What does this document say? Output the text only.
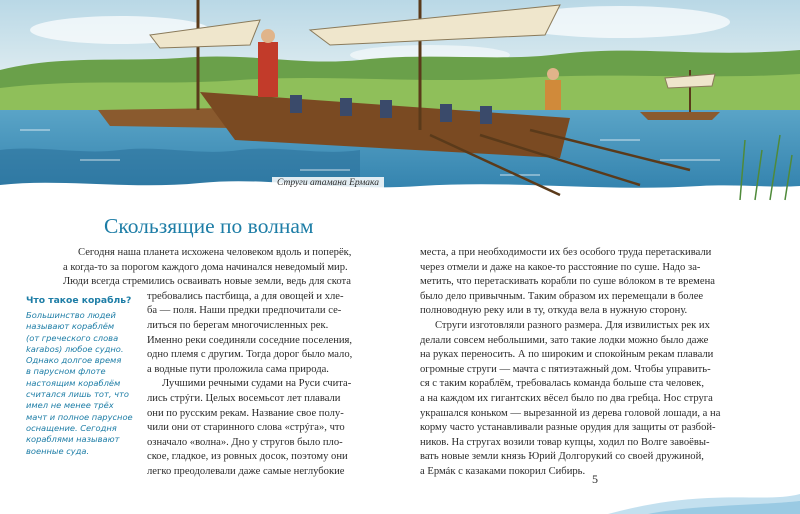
Струги атамана Ермака
Скользящие по волнам

Сегодня наша планета исхожена человеком вдоль и поперёк,
а когда-то за порогом каждого дома начинался неведомый мир.
Люди всегда стремились осваивать новые земли, ведь для скота

требовались пастбища, а для овощей и хле-
ба — поля. Наши предки предпочитали се-
литься по берегам многочисленных рек.
Именно реки соединяли соседние поселения,
одно племя с другим. Тогда дорог было мало,
а водные пути проложила сама природа.

Лучшими речными судами на Руси счита-
лись стрýги. Целых восемьсот лет плавали
они по русским рекам. Название свое полу-
чили они от старинного слова «стрýга», что
означало «волна». Дно у стругов было пло-
ское, гладкое, из ровных досок, поэтому они
легко преодолевали даже самые неглубокие

Что такое корабль?

Большинство людей
называют кораблём
(от греческого слова
karabos) любое судно.
Однако долгое время
в парусном флоте
настоящим кораблём
считался лишь тот, что
имел не менее трёх
мачт и полное парусное
оснащение. Сегодня
кораблями называют
военные суда.

места, а при необходимости их без особого труда перетаскивали
через отмели и даже на какое-то расстояние по суше. Надо за-
метить, что перетаскивать корабли по суше вóлоком в те времена
было дело привычным. Таким образом их перемещали в более
полноводную реку или в ту, откуда вела в нужную сторону.

Струги изготовляли разного размера. Для извилистых рек их
делали совсем небольшими, зато такие лодки можно было даже
на руках переносить. А по широким и спокойным рекам плавали
огромные струги — мачта с пятиэтажный дом. Чтобы управить-
ся с таким кораблём, требовалась команда больше ста человек,
а на каждом их гигантских вёсел было по два гребца. Нос струга
украшался коньком — вырезанной из дерева головой лошади, а на
корму часто устанавливали разные орудия для защиты от разбой-
ников. На стругах возили товар купцы, ходил по Волге завоёвы-
вать новые земли князь Юрий Долгорукий со своей дружиной,
а Ермáк с казаками покорил Сибирь.

5
